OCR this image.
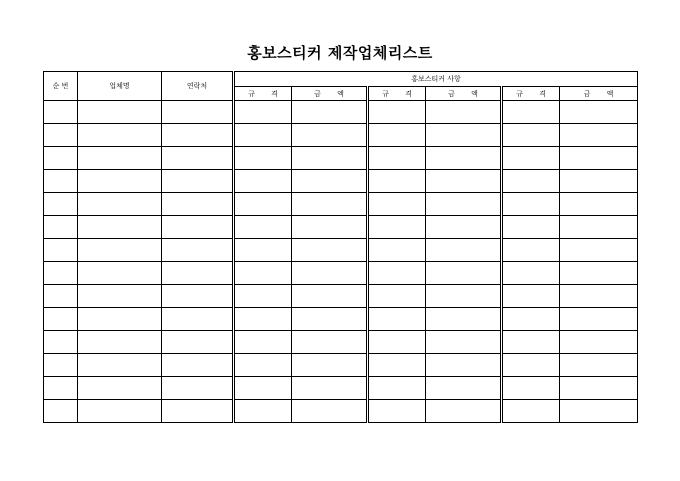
홍보스티커 제작업체리스트
순 번	업체명	연락처	홍보스티커 사항					
			규 격	금 액	규 격	금 액	규 격	금 액
